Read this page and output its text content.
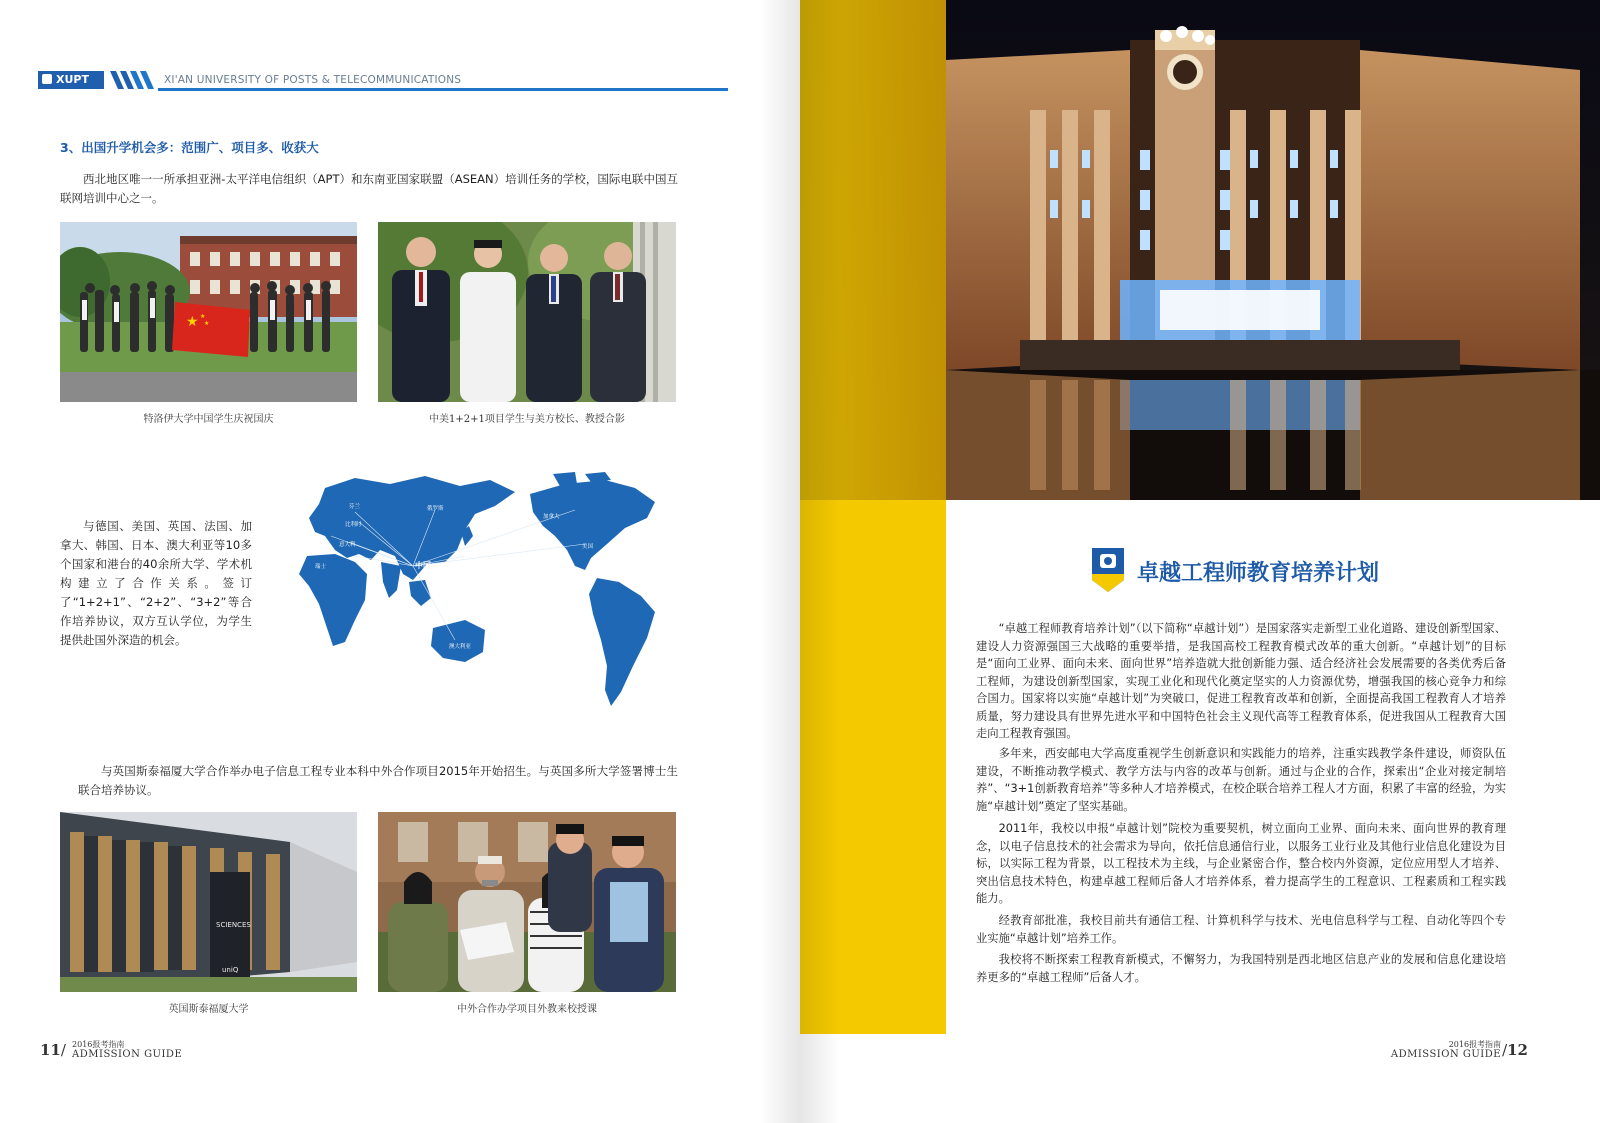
XUPT	XI'AN UNIVERSITY OF POSTS & TELECOMMUNICATIONS
3、出国升学机会多：范围广、项目多、收获大

西北地区唯一一所承担亚洲-太平洋电信组织（APT）和东南亚国家联盟（ASEAN）培训任务的学校，国际电联中国互联网培训中心之一。

★ ★
★
特洛伊大学中国学生庆祝国庆	中美1+2+1项目学生与美方校长、教授合影

与德国、美国、英国、法国、加拿大、韩国、日本、澳大利亚等10多个国家和港台的40余所大学、学术机构建立了合作关系。签订了“1+2+1”、“2+2”、“3+2”等合作培养协议，双方互认学位，为学生提供赴国外深造的机会。

中国
俄罗斯
芬兰
比利时
西班牙
意大利
瑞士
加拿大
美国
日本
澳大利亚

与英国斯泰福厦大学合作举办电子信息工程专业本科中外合作项目2015年开始招生。与英国多所大学签署博士生联合培养协议。

SCIENCES
uniQ
英国斯泰福厦大学	中外合作办学项目外教来校授课
11/ 2016报考指南
ADMISSION GUIDE
卓越工程师教育培养计划

“卓越工程师教育培养计划”（以下简称“卓越计划”）是国家落实走新型工业化道路、建设创新型国家、建设人力资源强国三大战略的重要举措，是我国高校工程教育模式改革的重大创新。“卓越计划”的目标是“面向工业界、面向未来、面向世界”培养造就大批创新能力强、适合经济社会发展需要的各类优秀后备工程师，为建设创新型国家，实现工业化和现代化奠定坚实的人力资源优势，增强我国的核心竞争力和综合国力。国家将以实施“卓越计划”为突破口，促进工程教育改革和创新，全面提高我国工程教育人才培养质量，努力建设具有世界先进水平和中国特色社会主义现代高等工程教育体系，促进我国从工程教育大国走向工程教育强国。

多年来，西安邮电大学高度重视学生创新意识和实践能力的培养，注重实践教学条件建设，师资队伍建设，不断推动教学模式、教学方法与内容的改革与创新。通过与企业的合作，探索出“企业对接定制培养”、“3+1创新教育培养”等多种人才培养模式，在校企联合培养工程人才方面，积累了丰富的经验，为实施“卓越计划”奠定了坚实基础。

2011年，我校以申报“卓越计划”院校为重要契机，树立面向工业界、面向未来、面向世界的教育理念，以电子信息技术的社会需求为导向，依托信息通信行业，以服务工业行业及其他行业信息化建设为目标，以实际工程为背景，以工程技术为主线，与企业紧密合作，整合校内外资源，定位应用型人才培养、突出信息技术特色，构建卓越工程师后备人才培养体系，着力提高学生的工程意识、工程素质和工程实践能力。

经教育部批准，我校目前共有通信工程、计算机科学与技术、光电信息科学与工程、自动化等四个专业实施“卓越计划”培养工作。

我校将不断探索工程教育新模式，不懈努力，为我国特别是西北地区信息产业的发展和信息化建设培养更多的“卓越工程师”后备人才。

2016报考指南
ADMISSION GUIDE /12
